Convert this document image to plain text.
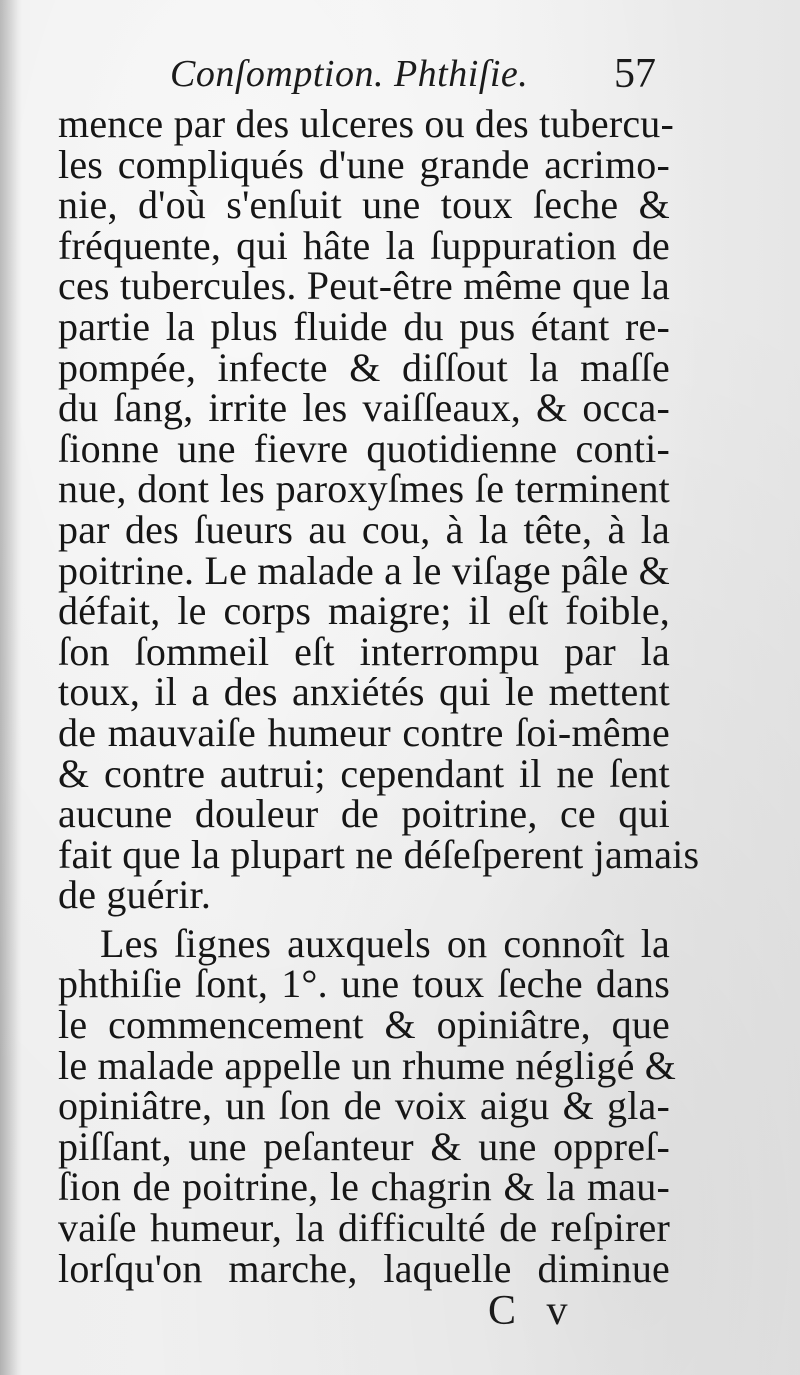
Conſomption. Phthiſie. 57
mence par des ulceres ou des tubercu-
les compliqués d'une grande acrimo-
nie, d'où s'enſuit une toux ſeche &
fréquente, qui hâte la ſuppuration de
ces tubercules. Peut-être même que la
partie la plus fluide du pus étant re-
pompée, infecte & diſſout la maſſe
du ſang, irrite les vaiſſeaux, & occa-
ſionne une fievre quotidienne conti-
nue, dont les paroxyſmes ſe terminent
par des ſueurs au cou, à la tête, à la
poitrine. Le malade a le viſage pâle &
défait, le corps maigre; il eſt foible,
ſon ſommeil eſt interrompu par la
toux, il a des anxiétés qui le mettent
de mauvaiſe humeur contre ſoi-même
& contre autrui; cependant il ne ſent
aucune douleur de poitrine, ce qui
fait que la plupart ne déſeſperent jamais
de guérir.
Les ſignes auxquels on connoît la
phthiſie ſont, 1°. une toux ſeche dans
le commencement & opiniâtre, que
le malade appelle un rhume négligé &
opiniâtre, un ſon de voix aigu & gla-
piſſant, une peſanteur & une oppreſ-
ſion de poitrine, le chagrin & la mau-
vaiſe humeur, la difficulté de reſpirer
lorſqu'on marche, laquelle diminue
C v
